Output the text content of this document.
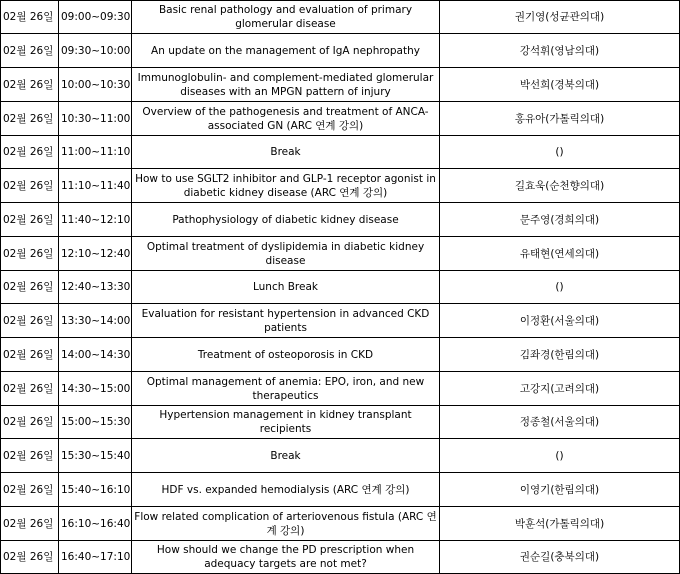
02월 26일	09:00~09:30	Basic renal pathology and evaluation of primary glomerular disease	권기영(성균관의대)
02월 26일	09:30~10:00	An update on the management of IgA nephropathy	강석휘(영남의대)
02월 26일	10:00~10:30	Immunoglobulin- and complement-mediated glomerular diseases with an MPGN pattern of injury	박선희(경북의대)
02월 26일	10:30~11:00	Overview of the pathogenesis and treatment of ANCA-associated GN (ARC 연계 강의)	홍유아(가톨릭의대)
02월 26일	11:00~11:10	Break	()
02월 26일	11:10~11:40	How to use SGLT2 inhibitor and GLP-1 receptor agonist in diabetic kidney disease (ARC 연계 강의)	길효욱(순천향의대)
02월 26일	11:40~12:10	Pathophysiology of diabetic kidney disease	문주영(경희의대)
02월 26일	12:10~12:40	Optimal treatment of dyslipidemia in diabetic kidney disease	유태현(연세의대)
02월 26일	12:40~13:30	Lunch Break	()
02월 26일	13:30~14:00	Evaluation for resistant hypertension in advanced CKD patients	이정환(서울의대)
02월 26일	14:00~14:30	Treatment of osteoporosis in CKD	김좌경(한림의대)
02월 26일	14:30~15:00	Optimal management of anemia: EPO, iron, and new therapeutics	고강지(고려의대)
02월 26일	15:00~15:30	Hypertension management in kidney transplant recipients	정종철(서울의대)
02월 26일	15:30~15:40	Break	()
02월 26일	15:40~16:10	HDF vs. expanded hemodialysis (ARC 연계 강의)	이영기(한림의대)
02월 26일	16:10~16:40	Flow related complication of arteriovenous fistula (ARC 연계 강의)	박훈석(가톨릭의대)
02월 26일	16:40~17:10	How should we change the PD prescription when adequacy targets are not met?	권순길(충북의대)
